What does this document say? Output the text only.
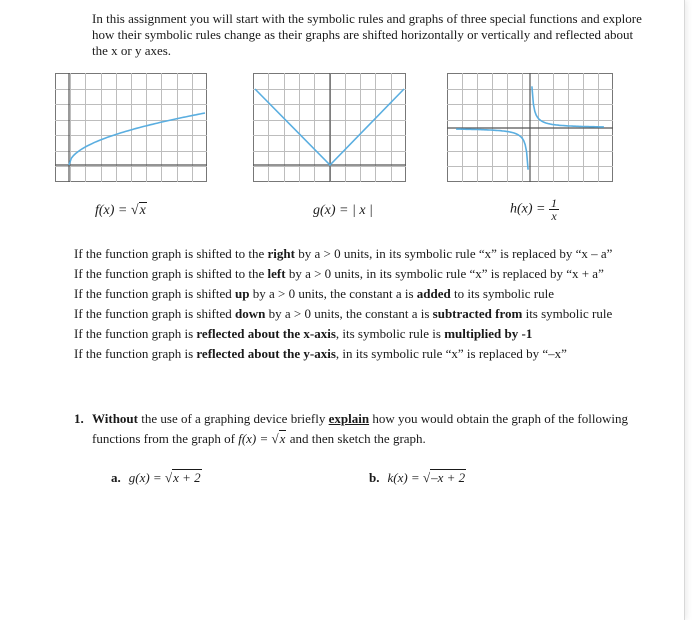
In this assignment you will start with the symbolic rules and graphs of three special functions and explore how their symbolic rules change as their graphs are shifted horizontally or vertically and reflected about the x or y axes.
f(x) = √x	g(x) = | x |	$h(x) = \frac{1}{x}$
If the function graph is shifted to the right by a > 0 units, in its symbolic rule “x” is replaced by “x – a”
If the function graph is shifted to the left by a > 0 units, in its symbolic rule “x” is replaced by “x + a”
If the function graph is shifted up by a > 0 units, the constant a is added to its symbolic rule
If the function graph is shifted down by a > 0 units, the constant a is subtracted from its symbolic rule
If the function graph is reflected about the x-axis, its symbolic rule is multiplied by -1
If the function graph is reflected about the y-axis, in its symbolic rule “x” is replaced by “–x”
1. Without the use of a graphing device briefly explain how you would obtain the graph of the following functions from the graph of f(x) = √x and then sketch the graph.
a. g(x) = √x + 2	b. k(x) = √–x + 2
